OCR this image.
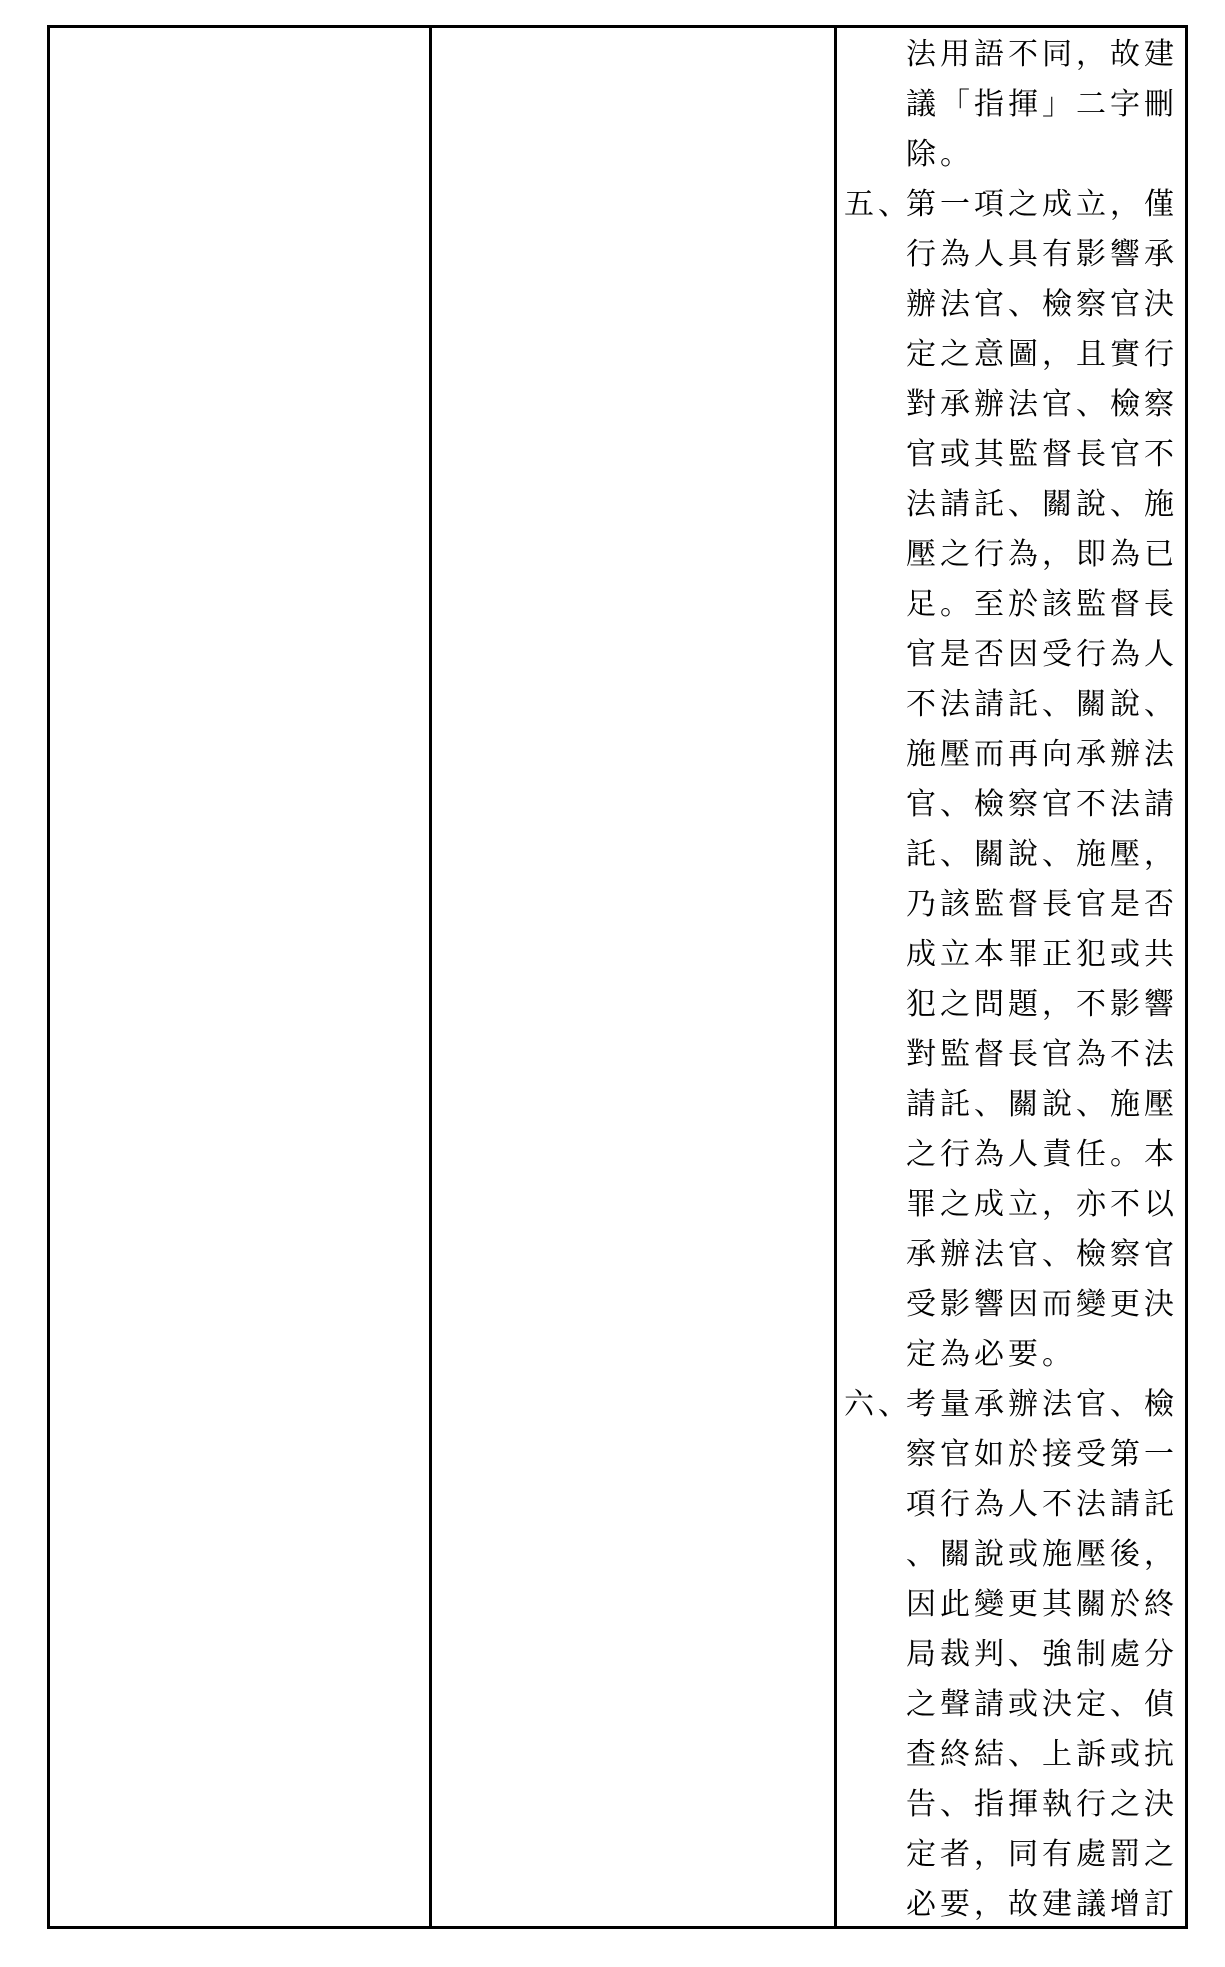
法用語不同，故建
議「指揮」二字刪
除。
五、
第一項之成立，僅
行為人具有影響承
辦法官、檢察官決
定之意圖，且實行
對承辦法官、檢察
官或其監督長官不
法請託、關說、施
壓之行為，即為已
足。至於該監督長
官是否因受行為人
不法請託、關說、
施壓而再向承辦法
官、檢察官不法請
託、關說、施壓，
乃該監督長官是否
成立本罪正犯或共
犯之問題，不影響
對監督長官為不法
請託、關說、施壓
之行為人責任。本
罪之成立，亦不以
承辦法官、檢察官
受影響因而變更決
定為必要。
六、
考量承辦法官、檢
察官如於接受第一
項行為人不法請託
、關說或施壓後，
因此變更其關於終
局裁判、強制處分
之聲請或決定、偵
查終結、上訴或抗
告、指揮執行之決
定者，同有處罰之
必要，故建議增訂
